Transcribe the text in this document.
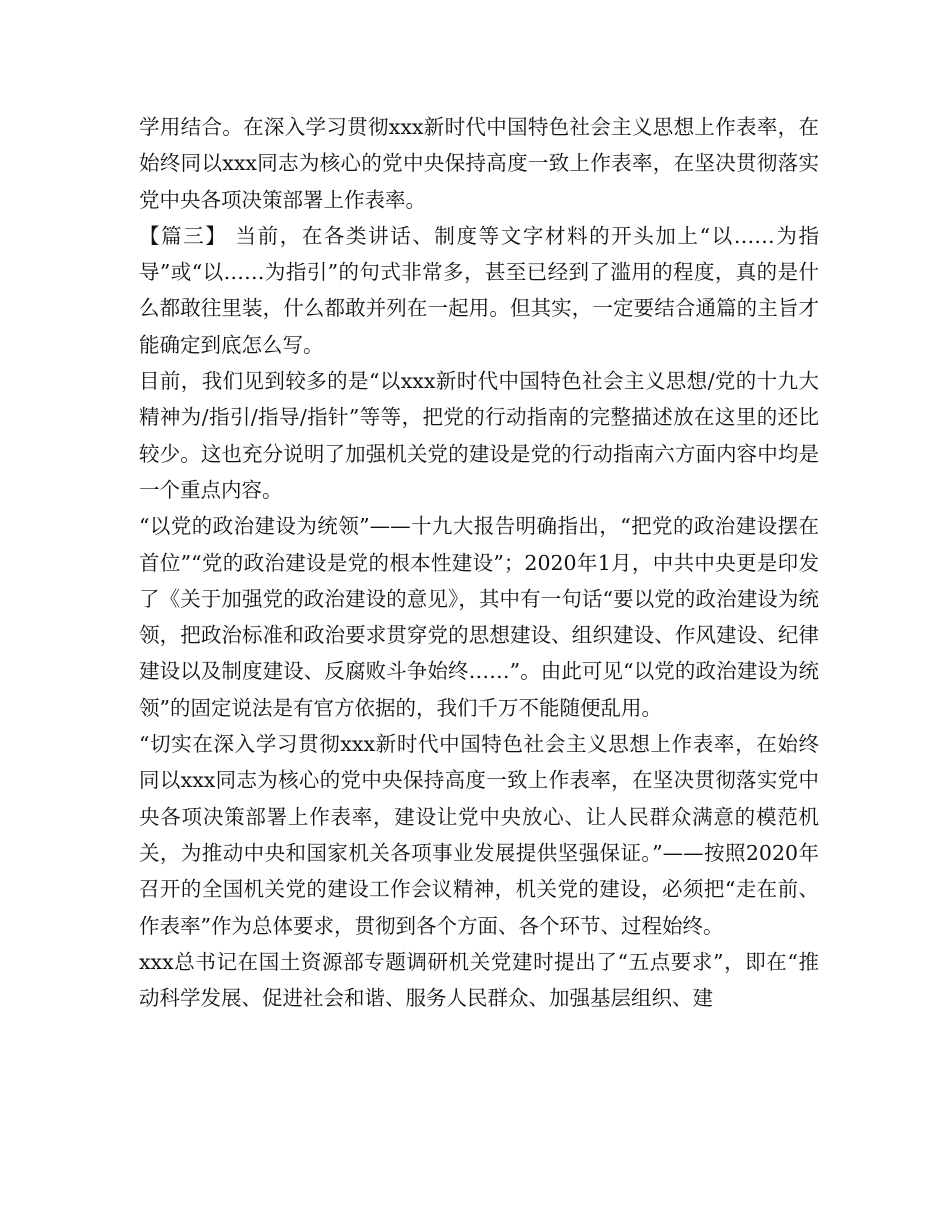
学用结合。在深入学习贯彻xxx新时代中国特色社会主义思想上作表率，在始终同以xxx同志为核心的党中央保持高度一致上作表率，在坚决贯彻落实党中央各项决策部署上作表率。

【篇三】 当前，在各类讲话、制度等文字材料的开头加上“以……为指导”或“以……为指引”的句式非常多，甚至已经到了滥用的程度，真的是什么都敢往里装，什么都敢并列在一起用。但其实，一定要结合通篇的主旨才能确定到底怎么写。

目前，我们见到较多的是“以xxx新时代中国特色社会主义思想/党的十九大精神为/指引/指导/指针”等等，把党的行动指南的完整描述放在这里的还比较少。这也充分说明了加强机关党的建设是党的行动指南六方面内容中均是一个重点内容。

“以党的政治建设为统领”——十九大报告明确指出，“把党的政治建设摆在首位”“党的政治建设是党的根本性建设”；2020年1月，中共中央更是印发了《关于加强党的政治建设的意见》，其中有一句话“要以党的政治建设为统领，把政治标准和政治要求贯穿党的思想建设、组织建设、作风建设、纪律建设以及制度建设、反腐败斗争始终……”。由此可见“以党的政治建设为统领”的固定说法是有官方依据的，我们千万不能随便乱用。

“切实在深入学习贯彻xxx新时代中国特色社会主义思想上作表率，在始终同以xxx同志为核心的党中央保持高度一致上作表率，在坚决贯彻落实党中央各项决策部署上作表率，建设让党中央放心、让人民群众满意的模范机关，为推动中央和国家机关各项事业发展提供坚强保证。”——按照2020年召开的全国机关党的建设工作会议精神，机关党的建设，必须把“走在前、作表率”作为总体要求，贯彻到各个方面、各个环节、过程始终。

xxx总书记在国土资源部专题调研机关党建时提出了“五点要求”，即在“推动科学发展、促进社会和谐、服务人民群众、加强基层组织、建
